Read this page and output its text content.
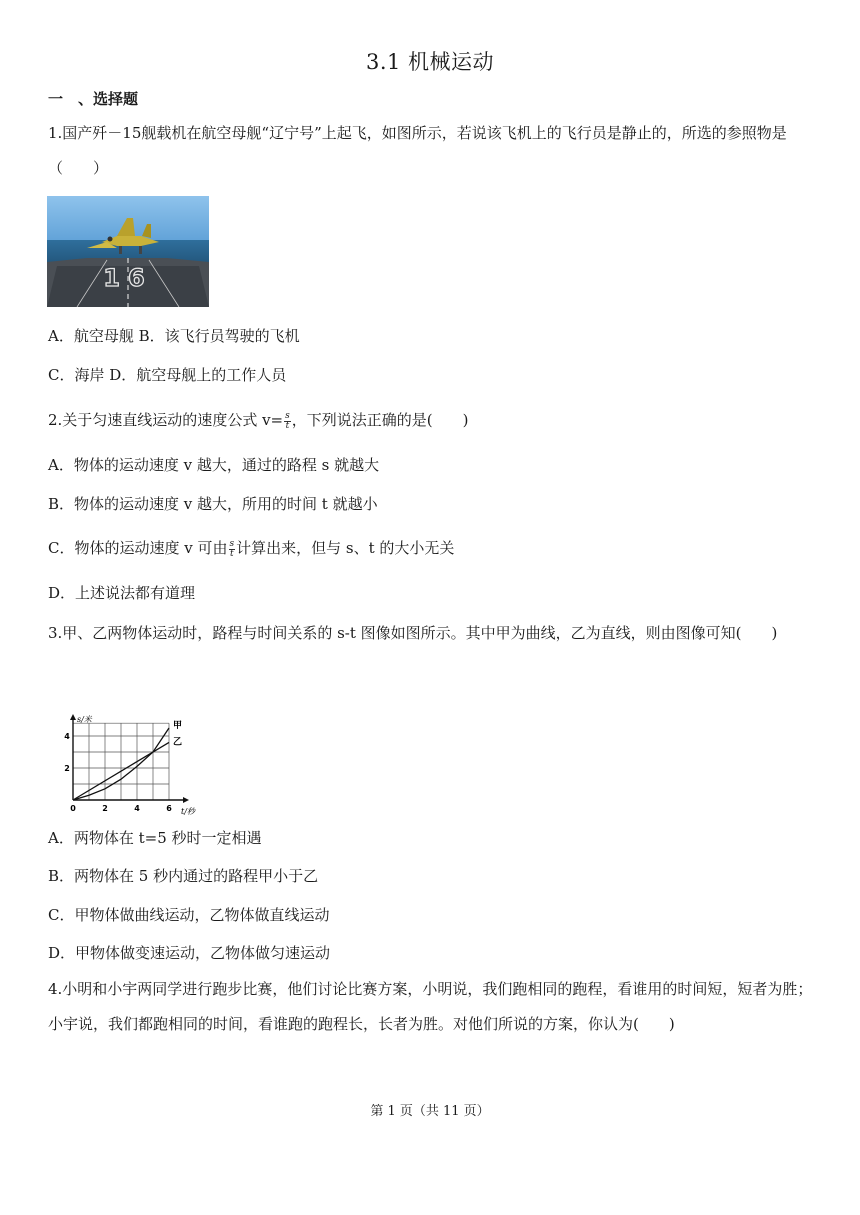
3.1 机械运动
一　、选择题
1.国产歼－15舰载机在航空母舰“辽宁号”上起飞，如图所示，若说该飞机上的飞行员是静止的，所选的参照物是（　　）
16
A．航空母舰 B．该飞行员驾驶的飞机
C．海岸 D．航空母舰上的工作人员
2.关于匀速直线运动的速度公式 $v= \frac{s}{t}$ ，下列说法正确的是(　　)
A．物体的运动速度 v 越大，通过的路程 s 就越大
B．物体的运动速度 v 越大，所用的时间 t 就越小
C．物体的运动速度 v 可由 $\frac{s}{t}$ 计算出来，但与 s、t 的大小无关
D．上述说法都有道理
3.甲、乙两物体运动时，路程与时间关系的 s-t 图像如图所示。其中甲为曲线，乙为直线，则由图像可知(　　)
0	2	4	6
2
4
s/米
t/秒
甲
乙
A．两物体在 t=5 秒时一定相遇
B．两物体在 5 秒内通过的路程甲小于乙
C．甲物体做曲线运动，乙物体做直线运动
D．甲物体做变速运动，乙物体做匀速运动
4.小明和小宇两同学进行跑步比赛，他们讨论比赛方案，小明说，我们跑相同的跑程，看谁用的时间短，短者为胜；小宇说，我们都跑相同的时间，看谁跑的跑程长，长者为胜。对他们所说的方案，你认为(　　)
第 1 页（共 11 页）
